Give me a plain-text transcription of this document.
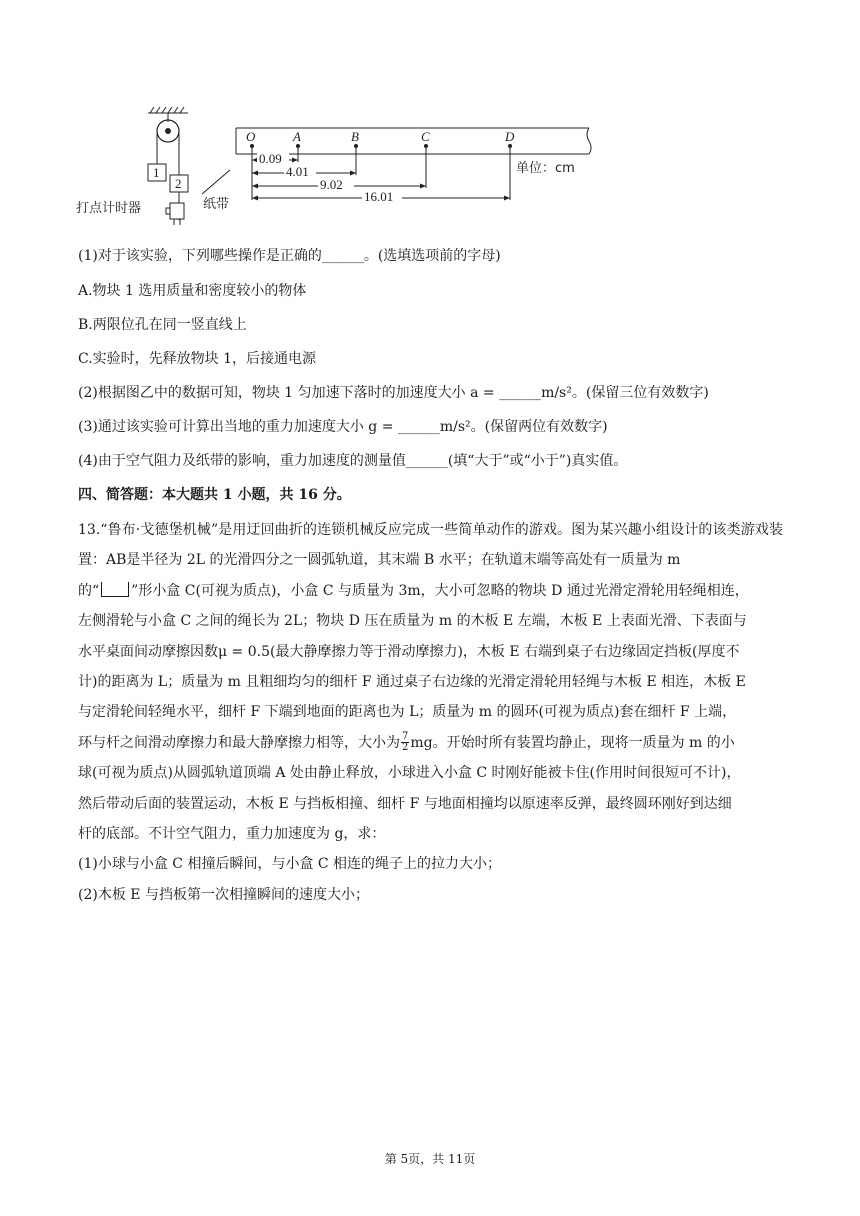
1
2
打点计时器	纸带
O	A	B	C	D
0.09
4.01
9.02
16.01
单位：cm
(1)对于该实验，下列哪些操作是正确的______。(选填选项前的字母)
A.物块 1 选用质量和密度较小的物体
B.两限位孔在同一竖直线上
C.实验时，先释放物块 1，后接通电源
(2)根据图乙中的数据可知，物块 1 匀加速下落时的加速度大小 a = ______m/s²。(保留三位有效数字)
(3)通过该实验可计算出当地的重力加速度大小 g = ______m/s²。(保留两位有效数字)
(4)由于空气阻力及纸带的影响，重力加速度的测量值______(填“大于”或“小于”)真实值。
四、简答题：本大题共 1 小题，共 16 分。
13.“鲁布·戈德堡机械”是用迂回曲折的连锁机械反应完成一些简单动作的游戏。图为某兴趣小组设计的该类游戏装置：AB是半径为 2L 的光滑四分之一圆弧轨道，其末端 B 水平；在轨道末端等高处有一质量为 m
的“ ”形小盒 C(可视为质点)，小盒 C 与质量为 3m，大小可忽略的物块 D 通过光滑定滑轮用轻绳相连，
左侧滑轮与小盒 C 之间的绳长为 2L；物块 D 压在质量为 m 的木板 E 左端，木板 E 上表面光滑、下表面与
水平桌面间动摩擦因数μ = 0.5(最大静摩擦力等于滑动摩擦力)，木板 E 右端到桌子右边缘固定挡板(厚度不
计)的距离为 L；质量为 m 且粗细均匀的细杆 F 通过桌子右边缘的光滑定滑轮用轻绳与木板 E 相连，木板 E
与定滑轮间轻绳水平，细杆 F 下端到地面的距离也为 L；质量为 m 的圆环(可视为质点)套在细杆 F 上端，
环与杆之间滑动摩擦力和最大静摩擦力相等，大小为 $\frac{7}{2}$ mg。开始时所有装置均静止，现将一质量为 m 的小
球(可视为质点)从圆弧轨道顶端 A 处由静止释放，小球进入小盒 C 时刚好能被卡住(作用时间很短可不计)，
然后带动后面的装置运动，木板 E 与挡板相撞、细杆 F 与地面相撞均以原速率反弹，最终圆环刚好到达细
杆的底部。不计空气阻力，重力加速度为 g，求：
(1)小球与小盒 C 相撞后瞬间，与小盒 C 相连的绳子上的拉力大小；
(2)木板 E 与挡板第一次相撞瞬间的速度大小；
第 5页，共 11页
